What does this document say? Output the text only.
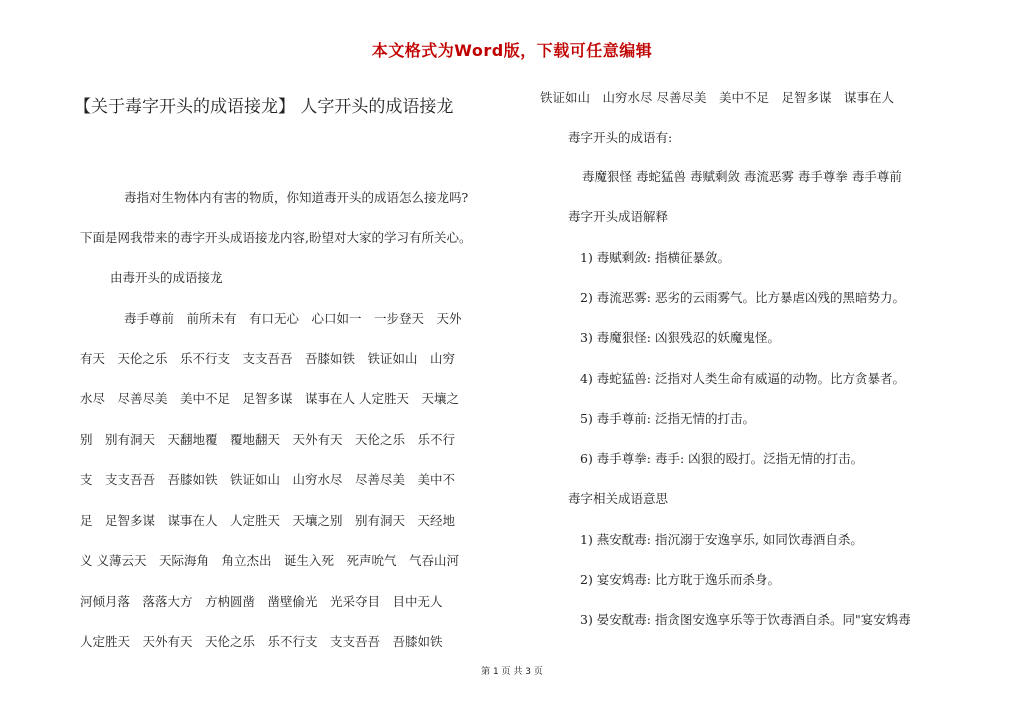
本文格式为Word版，下载可任意编辑
【关于毒字开头的成语接龙】 人字开头的成语接龙
毒指对生物体内有害的物质，你知道毒开头的成语怎么接龙吗?
下面是网我带来的毒字开头成语接龙内容,盼望对大家的学习有所关心。
由毒开头的成语接龙
毒手尊前　前所未有　有口无心　心口如一　一步登天　天外
有天　天伦之乐　乐不行支　支支吾吾　吾膝如铁　铁证如山　山穷
水尽　尽善尽美　美中不足　足智多谋　谋事在人 人定胜天　天壤之
别　别有洞天　天翻地覆　覆地翻天　天外有天　天伦之乐　乐不行
支　支支吾吾　吾膝如铁　铁证如山　山穷水尽　尽善尽美　美中不
足　足智多谋　谋事在人　人定胜天　天壤之别　别有洞天　天经地
义 义薄云天　天际海角　角立杰出　诞生入死　死声吮气　气吞山河
河倾月落　落落大方　方枘圆凿　凿壁偷光　光采夺目　目中无人
人定胜天　天外有天　天伦之乐　乐不行支　支支吾吾　吾膝如铁
铁证如山　山穷水尽 尽善尽美　美中不足　足智多谋　谋事在人
毒字开头的成语有:
毒魔狠怪 毒蛇猛兽 毒赋剩敛 毒流恶雾 毒手尊拳 毒手尊前
毒字开头成语解释
1) 毒赋剩敛: 指横征暴敛。
2) 毒流恶雾: 恶劣的云雨雾气。比方暴虐凶残的黑暗势力。
3) 毒魔狠怪: 凶狠残忍的妖魔鬼怪。
4) 毒蛇猛兽: 泛指对人类生命有威逼的动物。比方贪暴者。
5) 毒手尊前: 泛指无情的打击。
6) 毒手尊拳: 毒手: 凶狠的殴打。泛指无情的打击。
毒字相关成语意思
1) 燕安酖毒: 指沉溺于安逸享乐, 如同饮毒酒自杀。
2) 宴安鸩毒: 比方耽于逸乐而杀身。
3) 晏安酖毒: 指贪图安逸享乐等于饮毒酒自杀。同"宴安鸩毒
第 1 页 共 3 页
